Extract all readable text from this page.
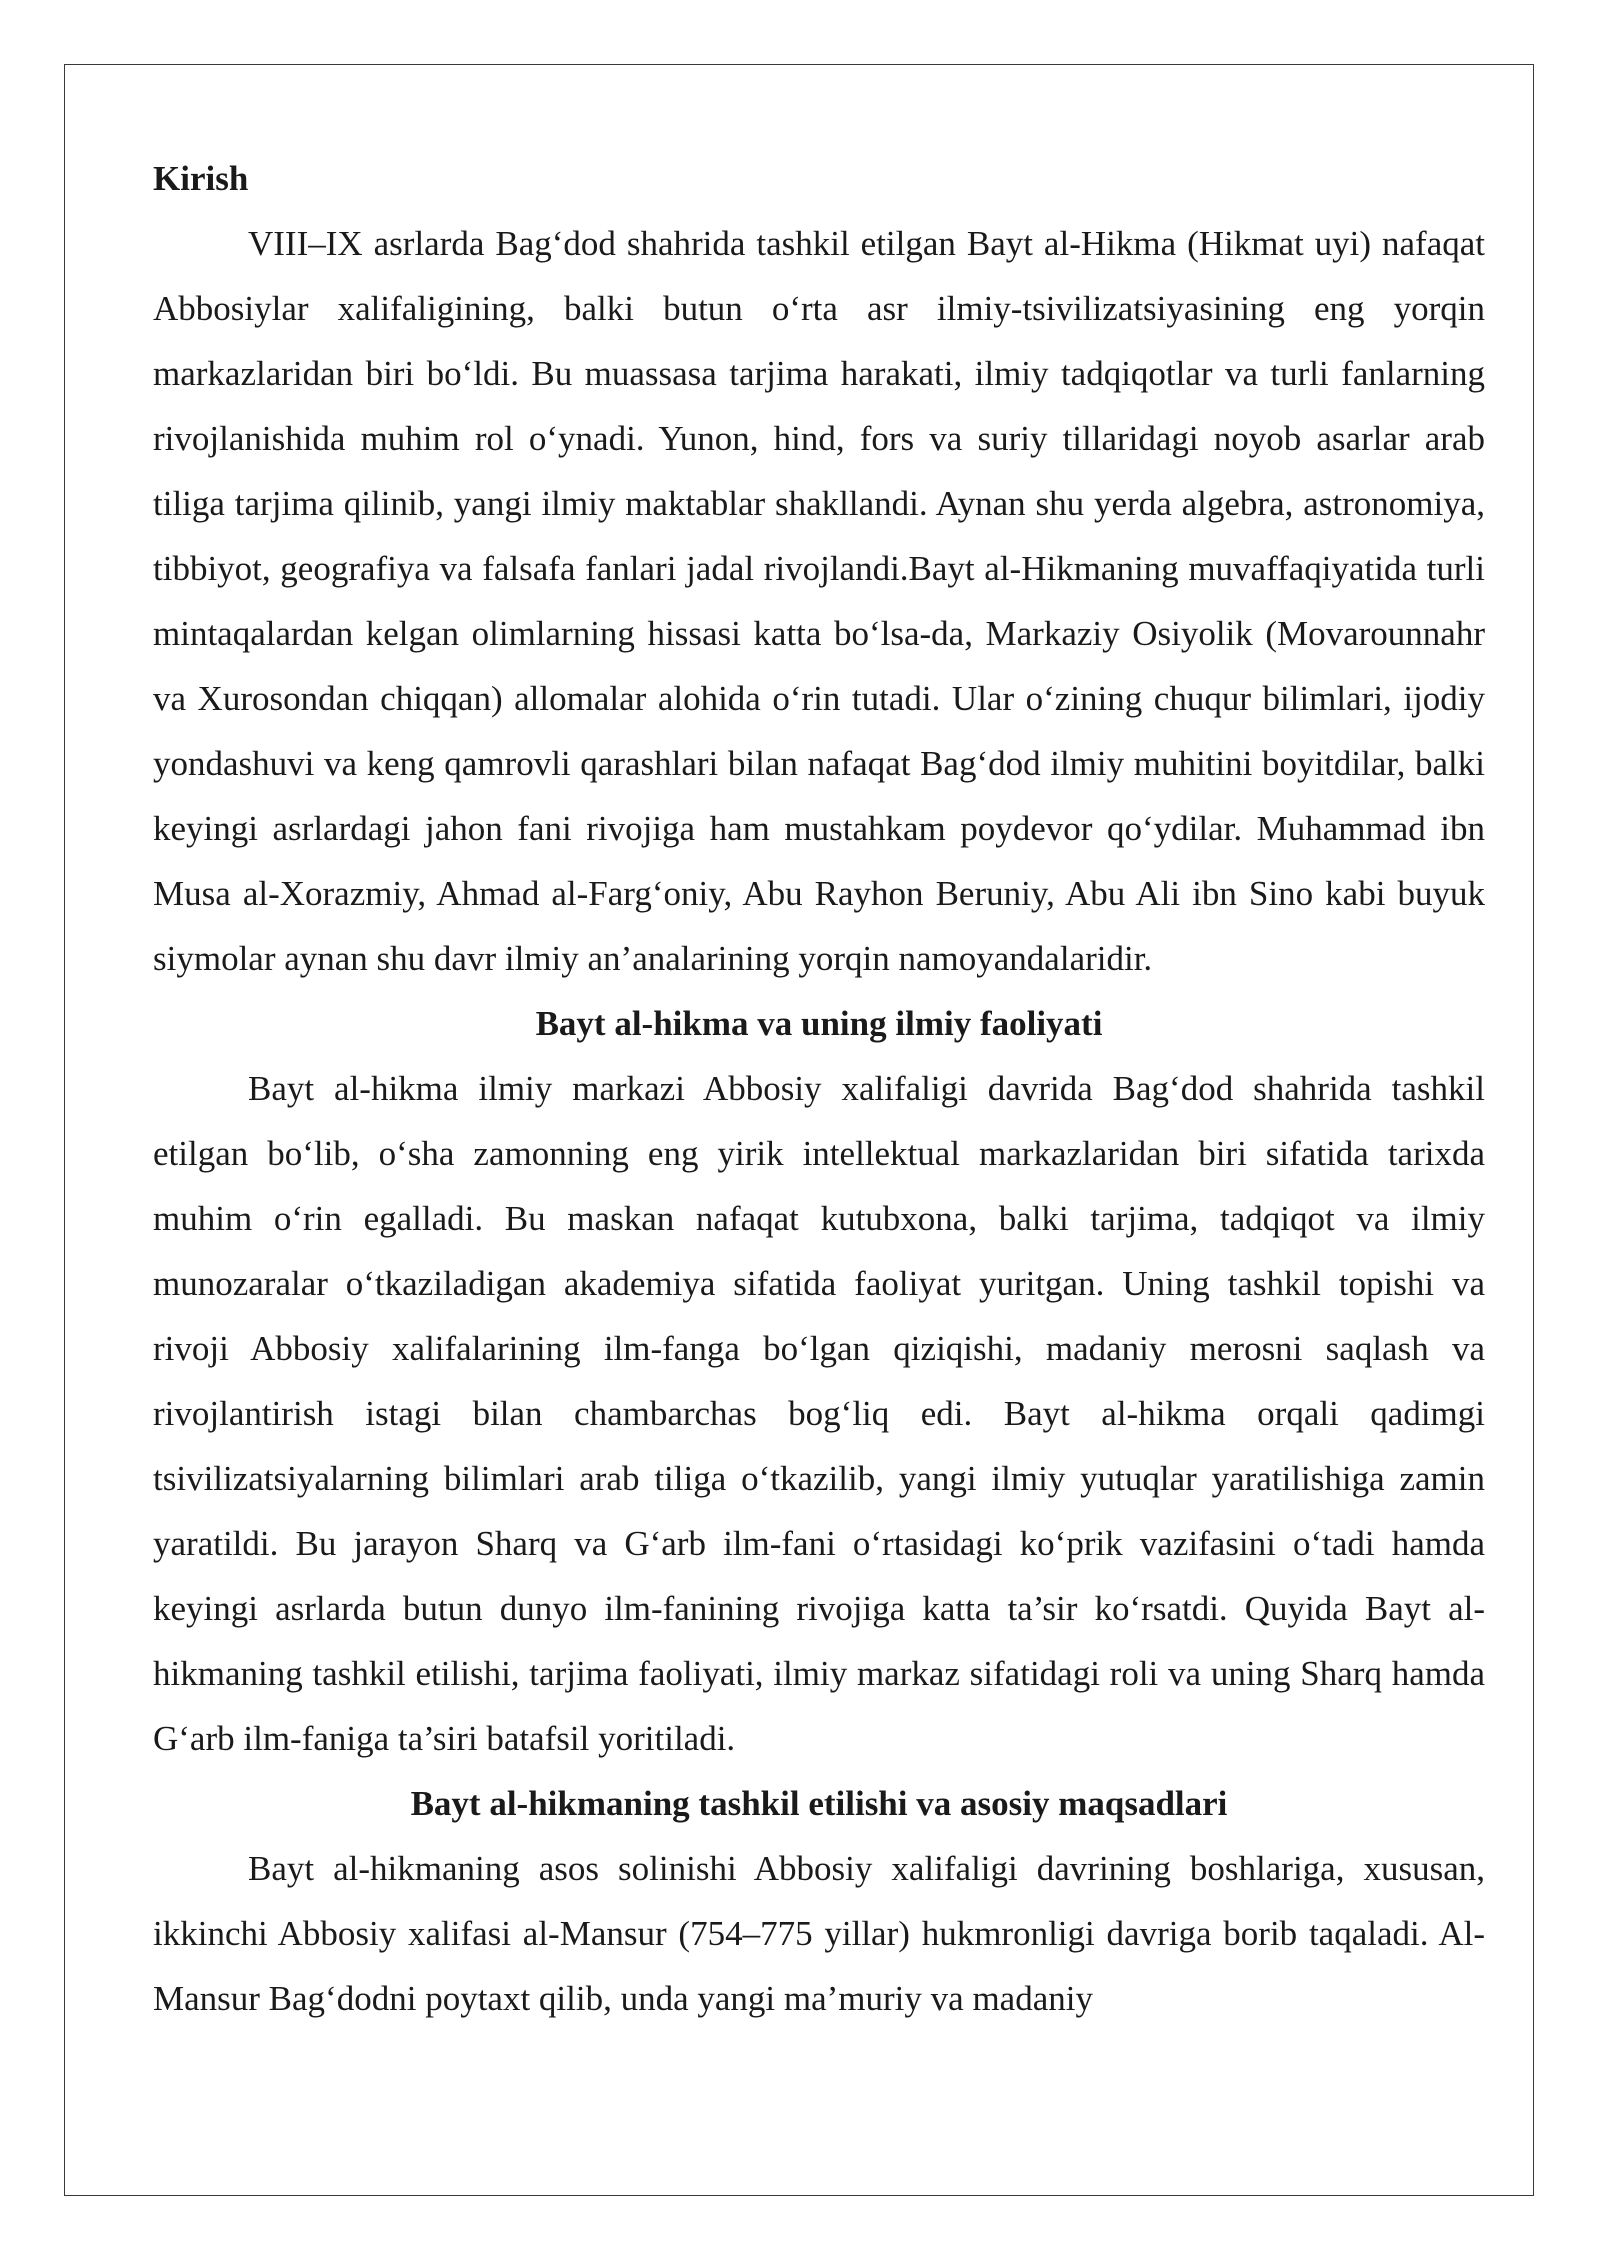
Kirish

VIII–IX asrlarda Bag‘dod shahrida tashkil etilgan Bayt al-Hikma (Hikmat uyi) nafaqat Abbosiylar xalifaligining, balki butun o‘rta asr ilmiy-tsivilizatsiyasining eng yorqin markazlaridan biri bo‘ldi. Bu muassasa tarjima harakati, ilmiy tadqiqotlar va turli fanlarning rivojlanishida muhim rol o‘ynadi. Yunon, hind, fors va suriy tillaridagi noyob asarlar arab tiliga tarjima qilinib, yangi ilmiy maktablar shakllandi. Aynan shu yerda algebra, astronomiya, tibbiyot, geografiya va falsafa fanlari jadal rivojlandi.Bayt al-Hikmaning muvaffaqiyatida turli mintaqalardan kelgan olimlarning hissasi katta bo‘lsa-da, Markaziy Osiyolik (Movarounnahr va Xurosondan chiqqan) allomalar alohida o‘rin tutadi. Ular o‘zining chuqur bilimlari, ijodiy yondashuvi va keng qamrovli qarashlari bilan nafaqat Bag‘dod ilmiy muhitini boyitdilar, balki keyingi asrlardagi jahon fani rivojiga ham mustahkam poydevor qo‘ydilar. Muhammad ibn Musa al-Xorazmiy, Ahmad al-Farg‘oniy, Abu Rayhon Beruniy, Abu Ali ibn Sino kabi buyuk siymolar aynan shu davr ilmiy an’analarining yorqin namoyandalaridir.

Bayt al-hikma va uning ilmiy faoliyati

Bayt al-hikma ilmiy markazi Abbosiy xalifaligi davrida Bag‘dod shahrida tashkil etilgan bo‘lib, o‘sha zamonning eng yirik intellektual markazlaridan biri sifatida tarixda muhim o‘rin egalladi. Bu maskan nafaqat kutubxona, balki tarjima, tadqiqot va ilmiy munozaralar o‘tkaziladigan akademiya sifatida faoliyat yuritgan. Uning tashkil topishi va rivoji Abbosiy xalifalarining ilm-fanga bo‘lgan qiziqishi, madaniy merosni saqlash va rivojlantirish istagi bilan chambarchas bog‘liq edi. Bayt al-hikma orqali qadimgi tsivilizatsiyalarning bilimlari arab tiliga o‘tkazilib, yangi ilmiy yutuqlar yaratilishiga zamin yaratildi. Bu jarayon Sharq va G‘arb ilm-fani o‘rtasidagi ko‘prik vazifasini o‘tadi hamda keyingi asrlarda butun dunyo ilm-fanining rivojiga katta ta’sir ko‘rsatdi. Quyida Bayt al-hikmaning tashkil etilishi, tarjima faoliyati, ilmiy markaz sifatidagi roli va uning Sharq hamda G‘arb ilm-faniga ta’siri batafsil yoritiladi.

Bayt al-hikmaning tashkil etilishi va asosiy maqsadlari

Bayt al-hikmaning asos solinishi Abbosiy xalifaligi davrining boshlariga, xususan, ikkinchi Abbosiy xalifasi al-Mansur (754–775 yillar) hukmronligi davriga borib taqaladi. Al-Mansur Bag‘dodni poytaxt qilib, unda yangi ma’muriy va madaniy
